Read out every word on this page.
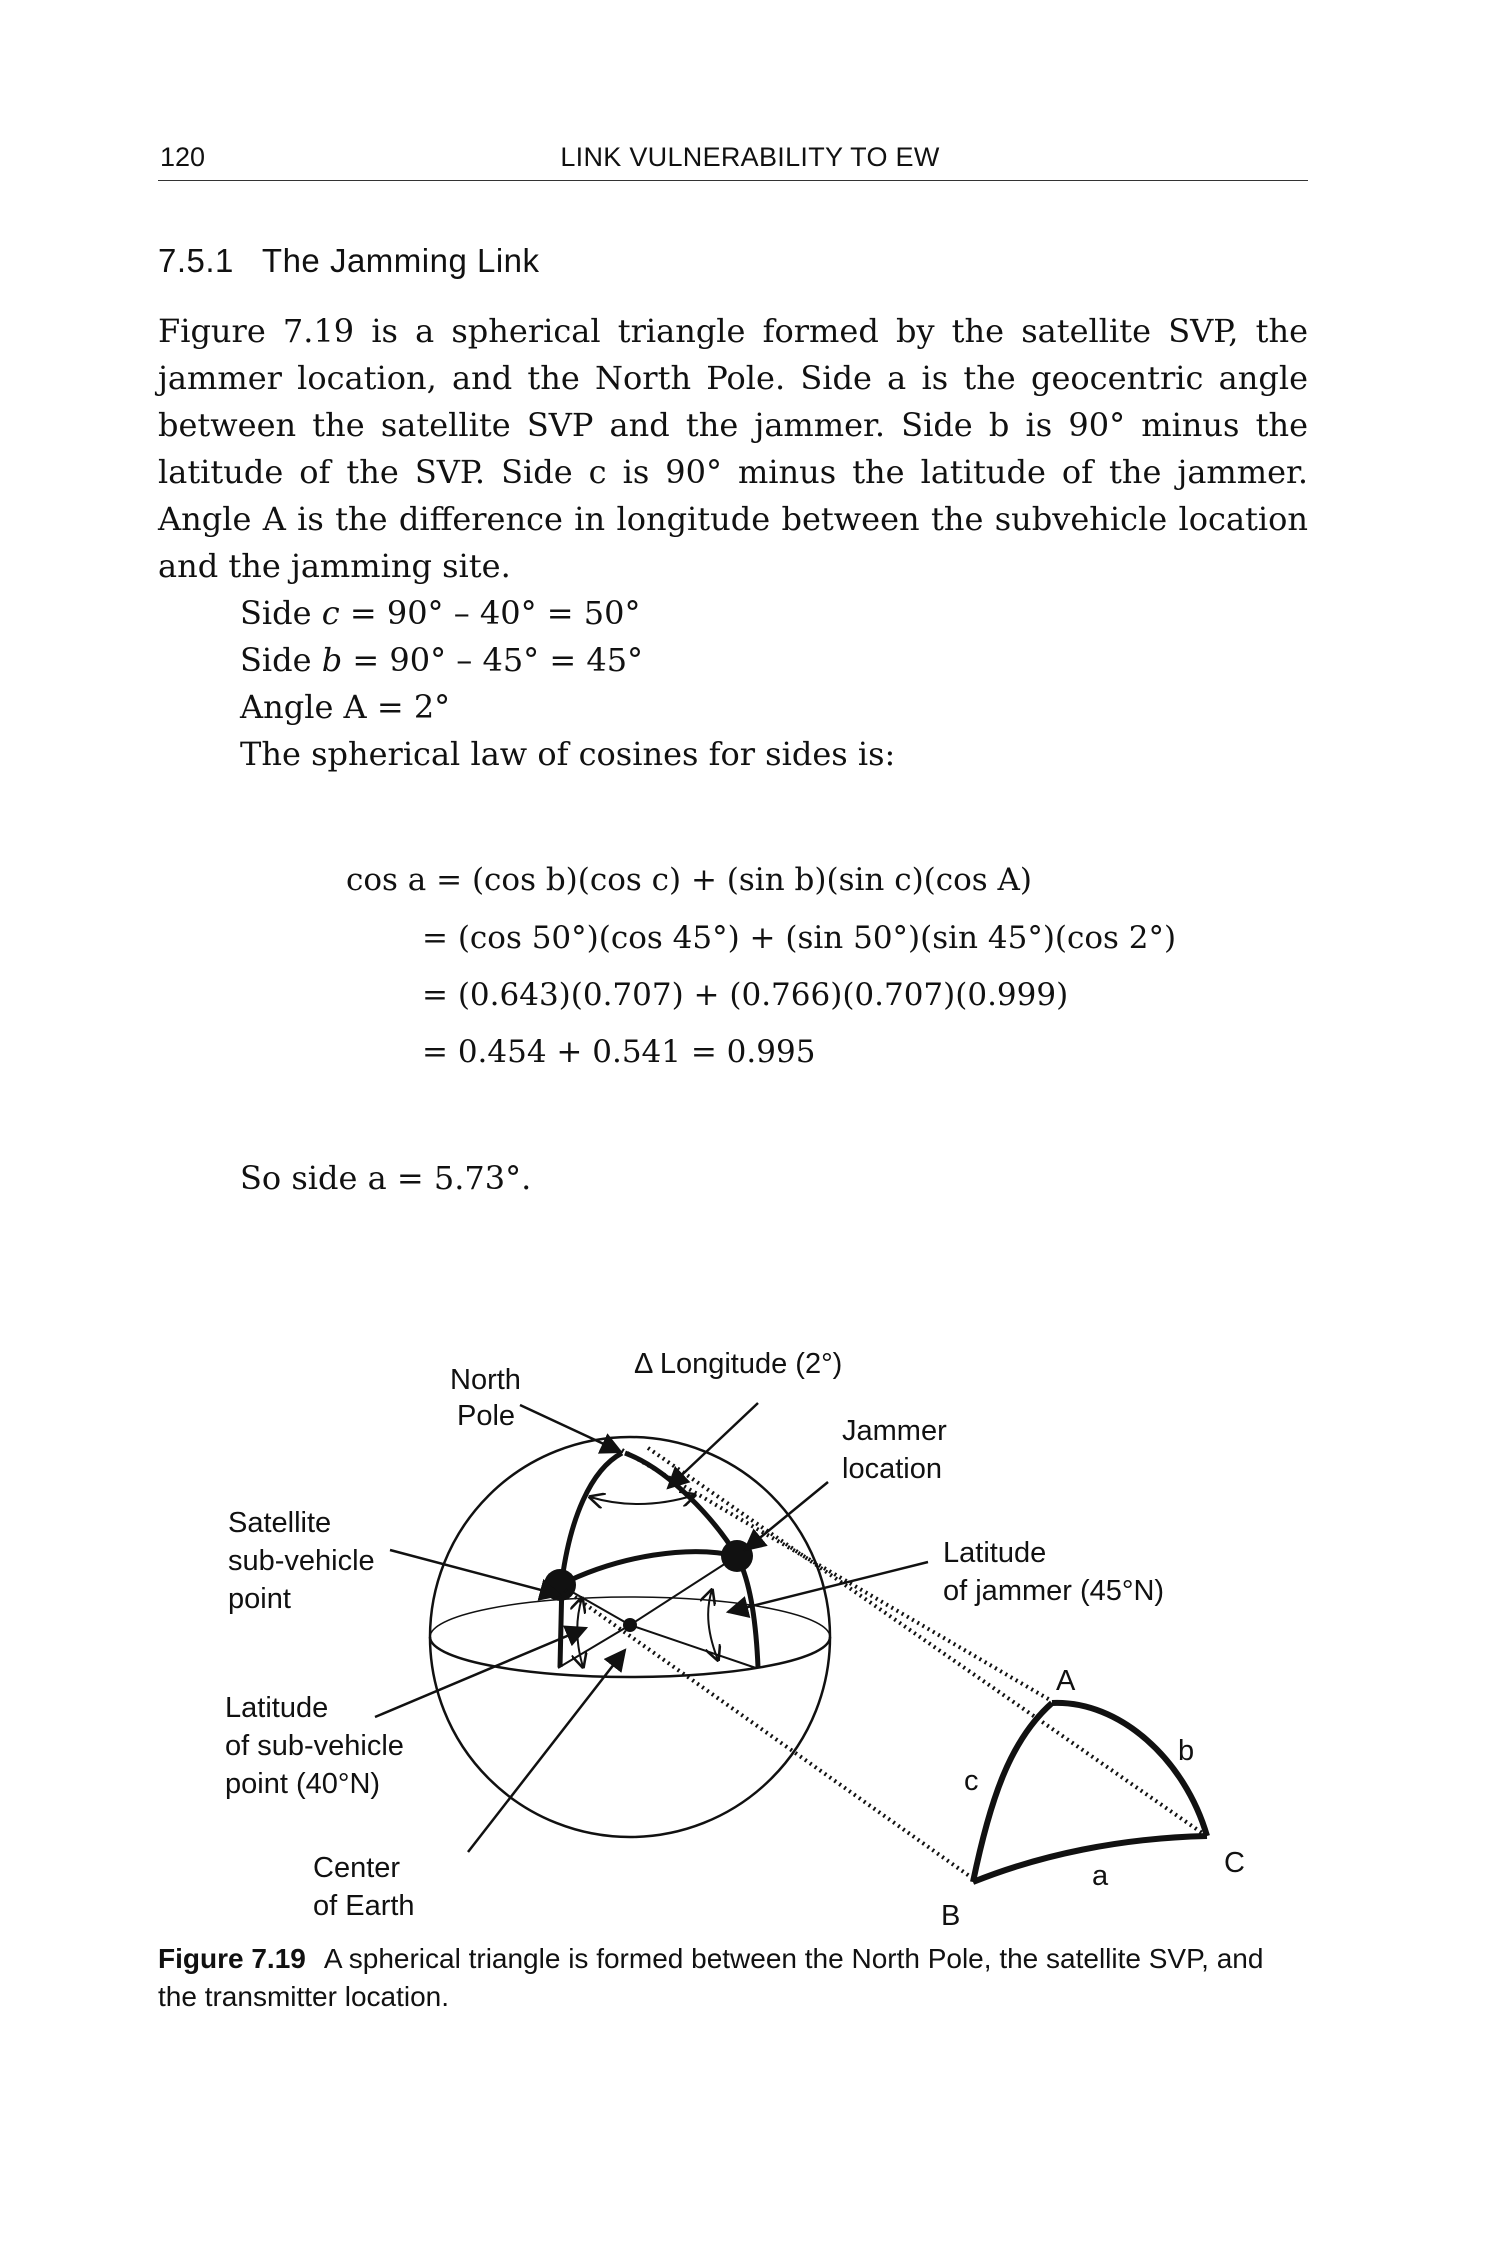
120	LINK VULNERABILITY TO EW
7.5.1 The Jamming Link

Figure 7.19 is a spherical triangle formed by the satellite SVP, the jammer location, and the North Pole. Side a is the geocentric angle between the satellite SVP and the jammer. Side b is 90° minus the latitude of the SVP. Side c is 90° minus the latitude of the jammer. Angle A is the difference in longitude between the subvehicle location and the jamming site.

Side c = 90° – 40° = 50°
Side b = 90° – 45° = 45°
Angle A = 2°
The spherical law of cosines for sides is:
cos a = (cos b)(cos c) + (sin b)(sin c)(cos A)
= (cos 50°)(cos 45°) + (sin 50°)(sin 45°)(cos 2°)
= (0.643)(0.707) + (0.766)(0.707)(0.999)
= 0.454 + 0.541 = 0.995
So side a = 5.73°.
North
Pole
Δ Longitude (2°)
Jammer
location
Satellite
sub-vehicle
point
Latitude
of jammer (45°N)
Latitude
of sub-vehicle
point (40°N)
Center
of Earth
A
B
C
a
b
c
Figure 7.19 A spherical triangle is formed between the North Pole, the satellite SVP, and the transmitter location.
